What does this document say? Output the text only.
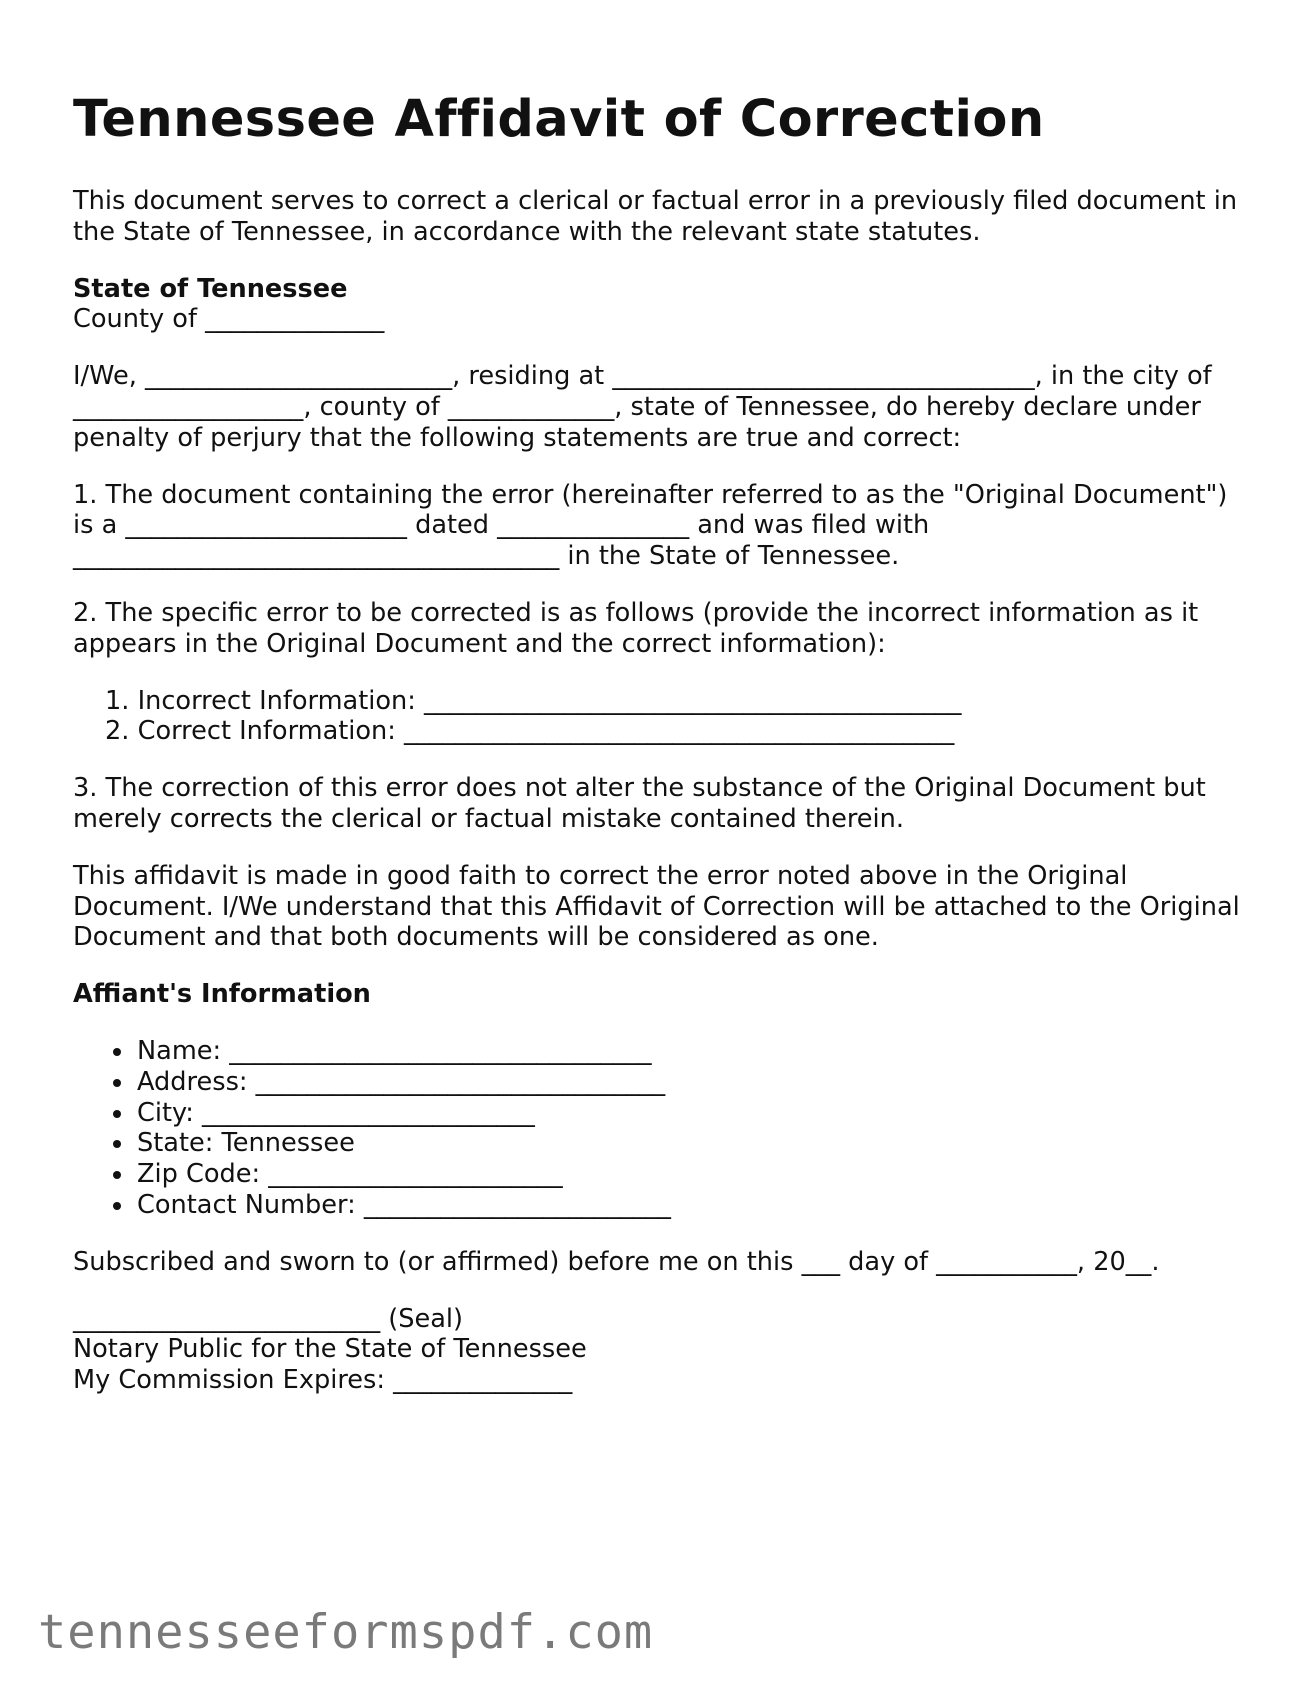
Tennessee Affidavit of Correction

This document serves to correct a clerical or factual error in a previously filed document in the State of Tennessee, in accordance with the relevant state statutes.

State of Tennessee
County of ______________

I/We, ________________________, residing at _________________________________, in the city of __________________, county of _____________, state of Tennessee, do hereby declare under penalty of perjury that the following statements are true and correct:

1. The document containing the error (hereinafter referred to as the "Original Document") is a ______________________ dated _______________ and was filed with ______________________________________ in the State of Tennessee.

2. The specific error to be corrected is as follows (provide the incorrect information as it appears in the Original Document and the correct information):

Incorrect Information: __________________________________________
Correct Information: ___________________________________________

3. The correction of this error does not alter the substance of the Original Document but merely corrects the clerical or factual mistake contained therein.

This affidavit is made in good faith to correct the error noted above in the Original Document. I/We understand that this Affidavit of Correction will be attached to the Original Document and that both documents will be considered as one.

Affiant's Information
Name: _________________________________
Address: ________________________________
City: __________________________
State: Tennessee
Zip Code: _______________________
Contact Number: ________________________

Subscribed and sworn to (or affirmed) before me on this ___ day of ___________, 20__.

________________________ (Seal)
Notary Public for the State of Tennessee
My Commission Expires: ______________

tennesseeformspdf.com
